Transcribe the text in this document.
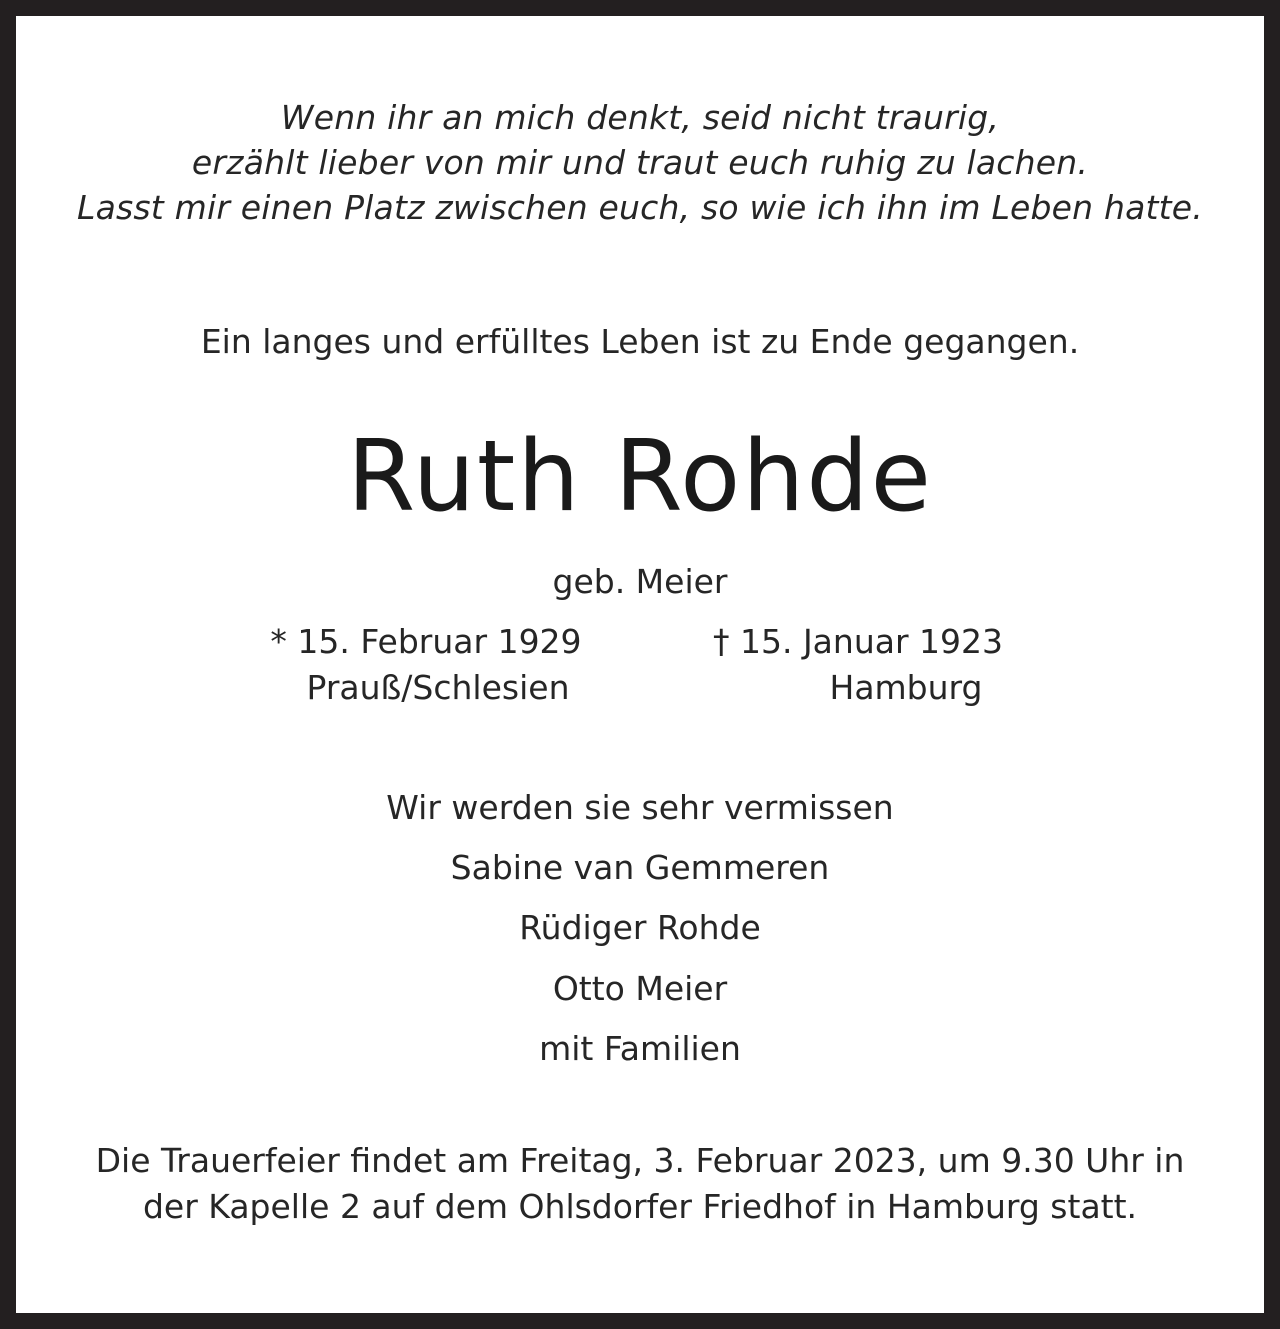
Wenn ihr an mich denkt, seid nicht traurig,
erzählt lieber von mir und traut euch ruhig zu lachen.
Lasst mir einen Platz zwischen euch, so wie ich ihn im Leben hatte.
Ein langes und erfülltes Leben ist zu Ende gegangen.
Ruth Rohde
geb. Meier
* 15. Februar 1929
Prauß/Schlesien
† 15. Januar 1923
Hamburg
Wir werden sie sehr vermissen
Sabine van Gemmeren
Rüdiger Rohde
Otto Meier
mit Familien
Die Trauerfeier findet am Freitag, 3. Februar 2023, um 9.30 Uhr in
der Kapelle 2 auf dem Ohlsdorfer Friedhof in Hamburg statt.
